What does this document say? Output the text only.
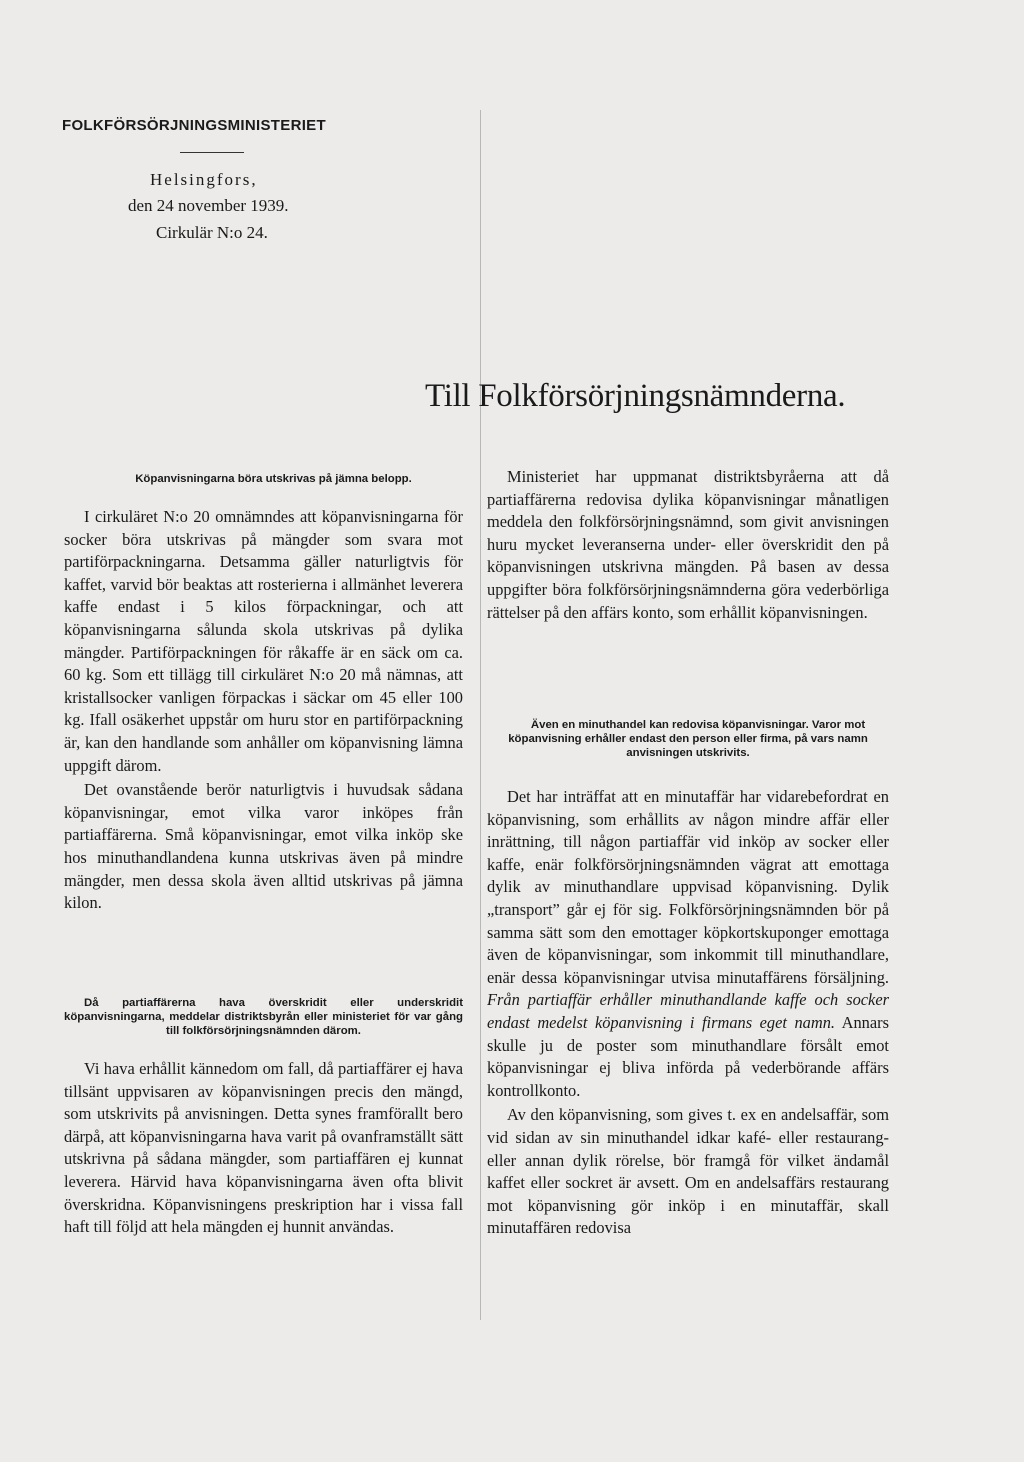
FOLKFÖRSÖRJNINGSMINISTERIET
Helsingfors,
den 24 november 1939.
Cirkulär N:o 24.
Till Folkförsörjningsnämnderna.

Köpanvisningarna böra utskrivas på jämna belopp.

I cirkuläret N:o 20 omnämndes att köpanvisningarna för socker böra utskrivas på mängder som svara mot partiförpackningarna. Detsamma gäller naturligtvis för kaffet, varvid bör beaktas att rosterierna i allmänhet leverera kaffe endast i 5 kilos förpackningar, och att köpanvisningarna sålunda skola utskrivas på dylika mängder. Partiförpackningen för råkaffe är en säck om ca. 60 kg. Som ett tillägg till cirkuläret N:o 20 må nämnas, att kristallsocker vanligen förpackas i säckar om 45 eller 100 kg. Ifall osäkerhet uppstår om huru stor en partiförpackning är, kan den handlande som anhåller om köpanvisning lämna uppgift därom.

Det ovanstående berör naturligtvis i huvudsak sådana köpanvisningar, emot vilka varor inköpes från partiaffärerna. Små köpanvisningar, emot vilka inköp ske hos minuthandlandena kunna utskrivas även på mindre mängder, men dessa skola även alltid utskrivas på jämna kilon.

Då partiaffärerna hava överskridit eller underskridit köpanvisningarna, meddelar distriktsbyrån eller ministeriet för var gång till folkförsörjningsnämnden därom.

Vi hava erhållit kännedom om fall, då partiaffärer ej hava tillsänt uppvisaren av köpanvisningen precis den mängd, som utskrivits på anvisningen. Detta synes framförallt bero därpå, att köpanvisningarna hava varit på ovanframställt sätt utskrivna på sådana mängder, som partiaffären ej kunnat leverera. Härvid hava köpanvisningarna även ofta blivit överskridna. Köpanvisningens preskription har i vissa fall haft till följd att hela mängden ej hunnit användas.

Ministeriet har uppmanat distriktsbyråerna att då partiaffärerna redovisa dylika köpanvisningar månatligen meddela den folkförsörjningsnämnd, som givit anvisningen huru mycket leveranserna under- eller överskridit den på köpanvisningen utskrivna mängden. På basen av dessa uppgifter böra folkförsörjningsnämnderna göra vederbörliga rättelser på den affärs konto, som erhållit köpanvisningen.

Även en minuthandel kan redovisa köpanvisningar. Varor mot köpanvisning erhåller endast den person eller firma, på vars namn anvisningen utskrivits.

Det har inträffat att en minutaffär har vidarebefordrat en köpanvisning, som erhållits av någon mindre affär eller inrättning, till någon partiaffär vid inköp av socker eller kaffe, enär folkförsörjningsnämnden vägrat att emottaga dylik av minuthandlare uppvisad köpanvisning. Dylik „transport” går ej för sig. Folkförsörjningsnämnden bör på samma sätt som den emottager köpkortskuponger emottaga även de köpanvisningar, som inkommit till minuthandlare, enär dessa köpanvisningar utvisa minutaffärens försäljning. Från partiaffär erhåller minuthandlande kaffe och socker endast medelst köpanvisning i firmans eget namn. Annars skulle ju de poster som minuthandlare försålt emot köpanvisningar ej bliva införda på vederbörande affärs kontrollkonto.

Av den köpanvisning, som gives t. ex en andelsaffär, som vid sidan av sin minuthandel idkar kafé- eller restaurang- eller annan dylik rörelse, bör framgå för vilket ändamål kaffet eller sockret är avsett. Om en andelsaffärs restaurang mot köpanvisning gör inköp i en minutaffär, skall minutaffären redovisa
